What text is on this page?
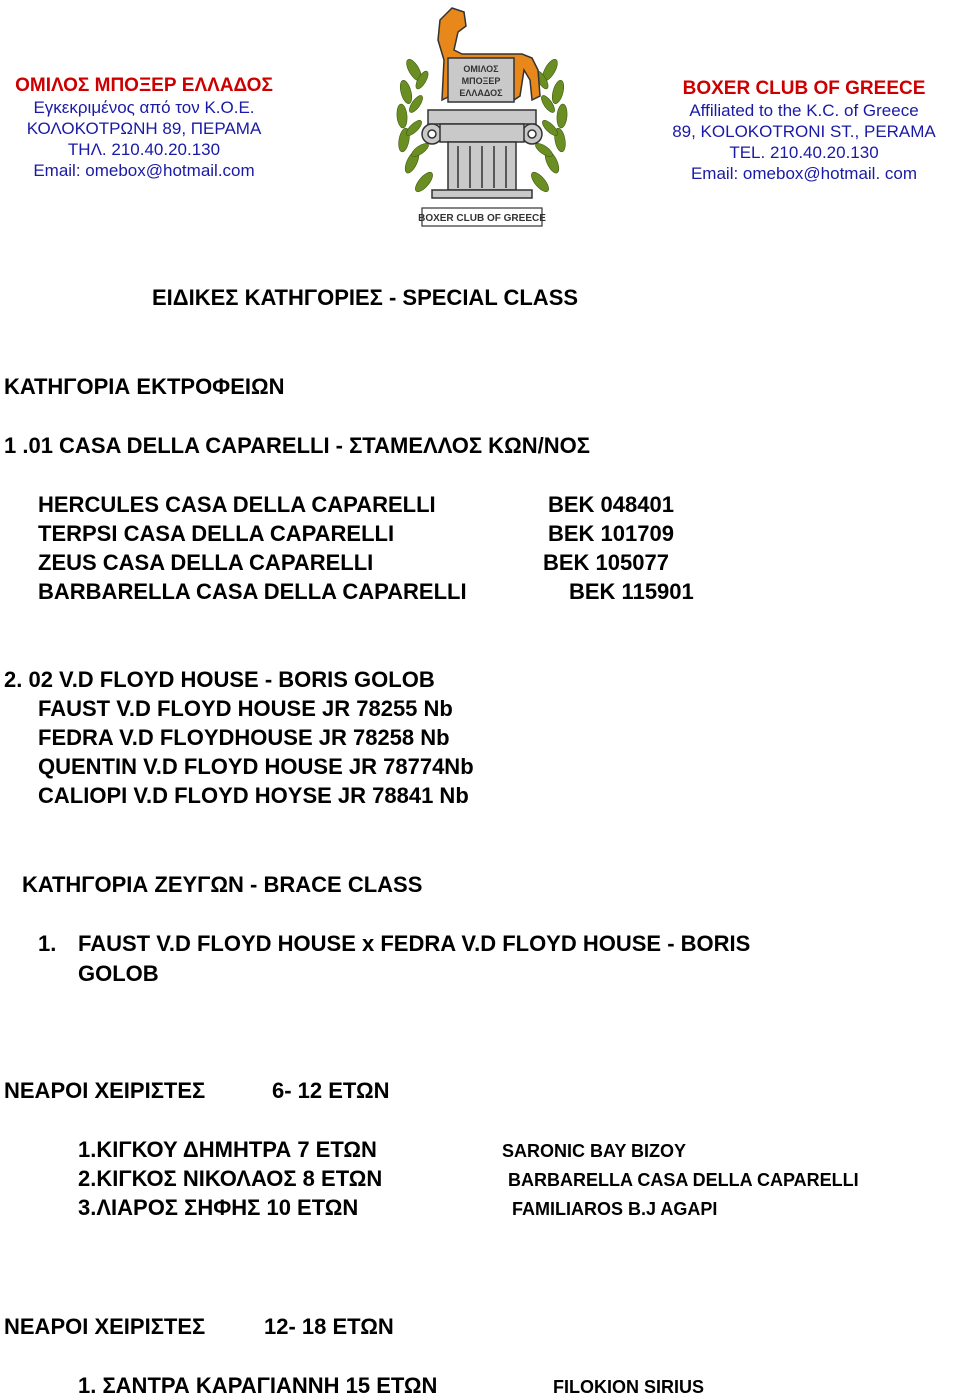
ΟΜΙΛΟΣ ΜΠΟΞΕΡ ΕΛΛΑΔΟΣ
Εγκεκριμένος από τον Κ.Ο.Ε.
ΚΟΛΟΚΟΤΡΩΝΗ 89, ΠΕΡΑΜΑ
ΤΗΛ. 210.40.20.130
Email: omebox@hotmail.com
ΟΜΙΛΟΣ
ΜΠΟΞΕΡ
ΕΛΛΑΔΟΣ
BOXER CLUB OF GREECE
BOXER CLUB OF GREECE
Affiliated to the K.C. of Greece
89, KOLOKOTRONI ST., PERAMA
TEL. 210.40.20.130
Email: omebox@hotmail. com
ΕΙΔΙΚΕΣ ΚΑΤΗΓΟΡΙΕΣ - SPECIAL CLASS
ΚΑΤΗΓΟΡΙΑ ΕΚΤΡΟΦΕΙΩΝ
1 .01 CASA DELLA CAPARELLI - ΣΤΑΜΕΛΛΟΣ ΚΩΝ/ΝΟΣ
HERCULES CASA DELLA CAPARELLI	ΒΕΚ 048401
TERPSI CASA DELLA CAPARELLI	ΒΕΚ 101709
ZEUS CASA DELLA CAPARELLI	ΒΕΚ 105077
BARBARELLA CASA DELLA CAPARELLI	ΒΕΚ 115901
2. 02 V.D FLOYD HOUSE - BORIS GOLOB
FAUST V.D FLOYD HOUSE JR 78255 Nb
FEDRA V.D FLOYDHOUSE JR 78258 Nb
QUENTIN V.D FLOYD HOUSE JR 78774Nb
CALIOPI V.D FLOYD HOYSE JR 78841 Nb
ΚΑΤΗΓΟΡΙΑ ΖΕΥΓΩΝ - BRACE CLASS
1. FAUST V.D FLOYD HOUSE x FEDRA V.D FLOYD HOUSE - BORIS
GOLOB
ΝΕΑΡΟΙ ΧΕΙΡΙΣΤΕΣ	6- 12 ΕΤΩΝ
1.ΚΙΓΚΟΥ ΔΗΜΗΤΡΑ 7 ΕΤΩΝ	SARONIC BAY BIZOY
2.ΚΙΓΚΟΣ ΝΙΚΟΛΑΟΣ 8 ΕΤΩΝ	BARBARELLA CASA DELLA CAPARELLI
3.ΛΙΑΡΟΣ ΣΗΦΗΣ 10 ΕΤΩΝ	FAMILIAROS B.J AGAPI
ΝΕΑΡΟΙ ΧΕΙΡΙΣΤΕΣ	12- 18 ΕΤΩΝ
1. ΣΑΝΤΡΑ ΚΑΡΑΓΙΑΝΝΗ 15 ΕΤΩΝ	FILOKION SIRIUS
